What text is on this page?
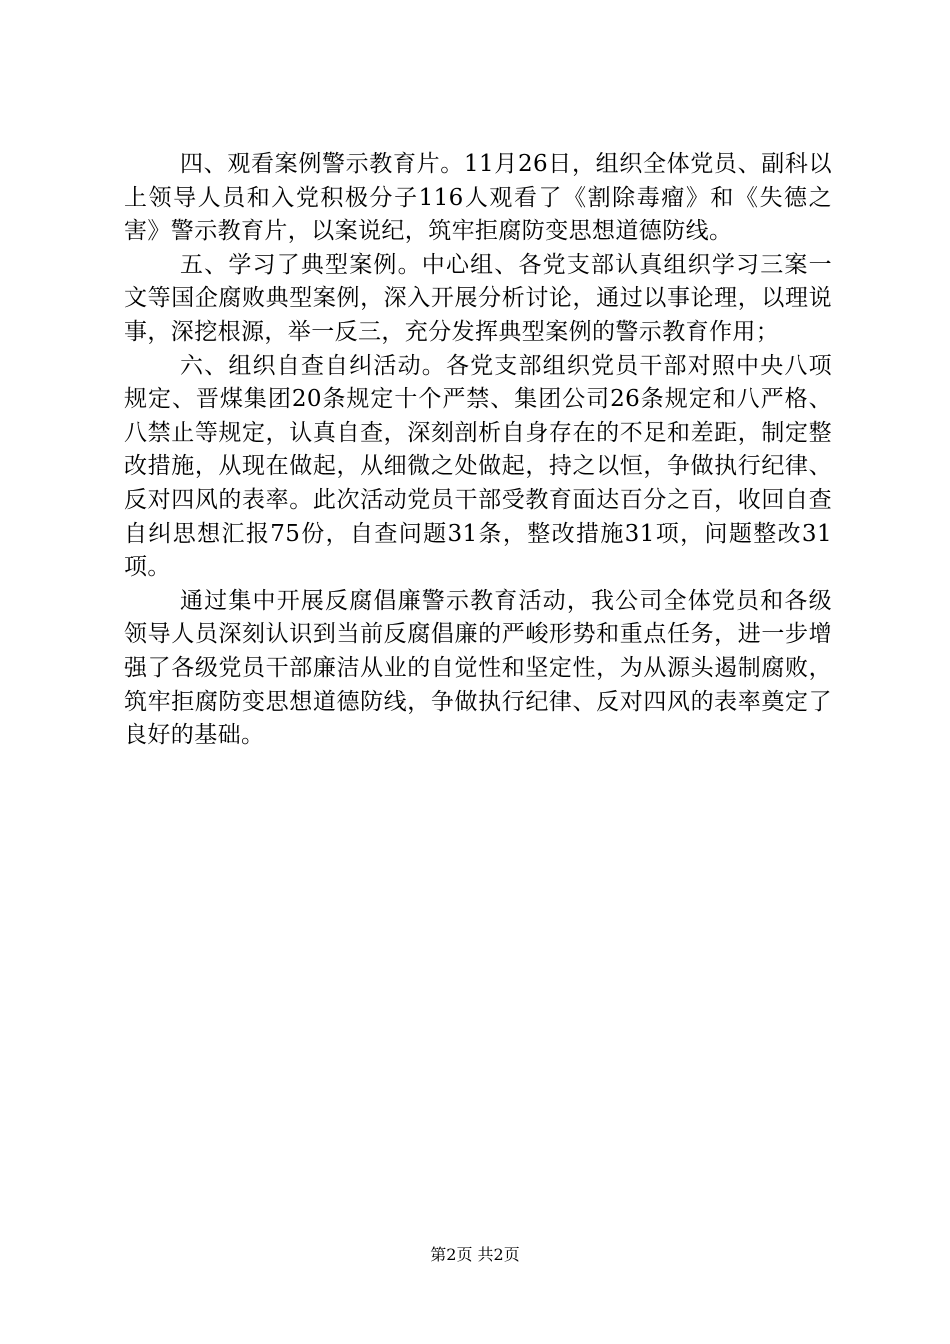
四、观看案例警示教育片。11月26日，组织全体党员、副科以上领导人员和入党积极分子116人观看了《割除毒瘤》和《失德之害》警示教育片，以案说纪，筑牢拒腐防变思想道德防线。

五、学习了典型案例。中心组、各党支部认真组织学习三案一文等国企腐败典型案例，深入开展分析讨论，通过以事论理，以理说事，深挖根源，举一反三，充分发挥典型案例的警示教育作用；

六、组织自查自纠活动。各党支部组织党员干部对照中央八项规定、晋煤集团20条规定十个严禁、集团公司26条规定和八严格、八禁止等规定，认真自查，深刻剖析自身存在的不足和差距，制定整改措施，从现在做起，从细微之处做起，持之以恒，争做执行纪律、反对四风的表率。此次活动党员干部受教育面达百分之百，收回自查自纠思想汇报75份，自查问题31条，整改措施31项，问题整改31项。

通过集中开展反腐倡廉警示教育活动，我公司全体党员和各级领导人员深刻认识到当前反腐倡廉的严峻形势和重点任务，进一步增强了各级党员干部廉洁从业的自觉性和坚定性，为从源头遏制腐败，筑牢拒腐防变思想道德防线，争做执行纪律、反对四风的表率奠定了良好的基础。

第2页 共2页
